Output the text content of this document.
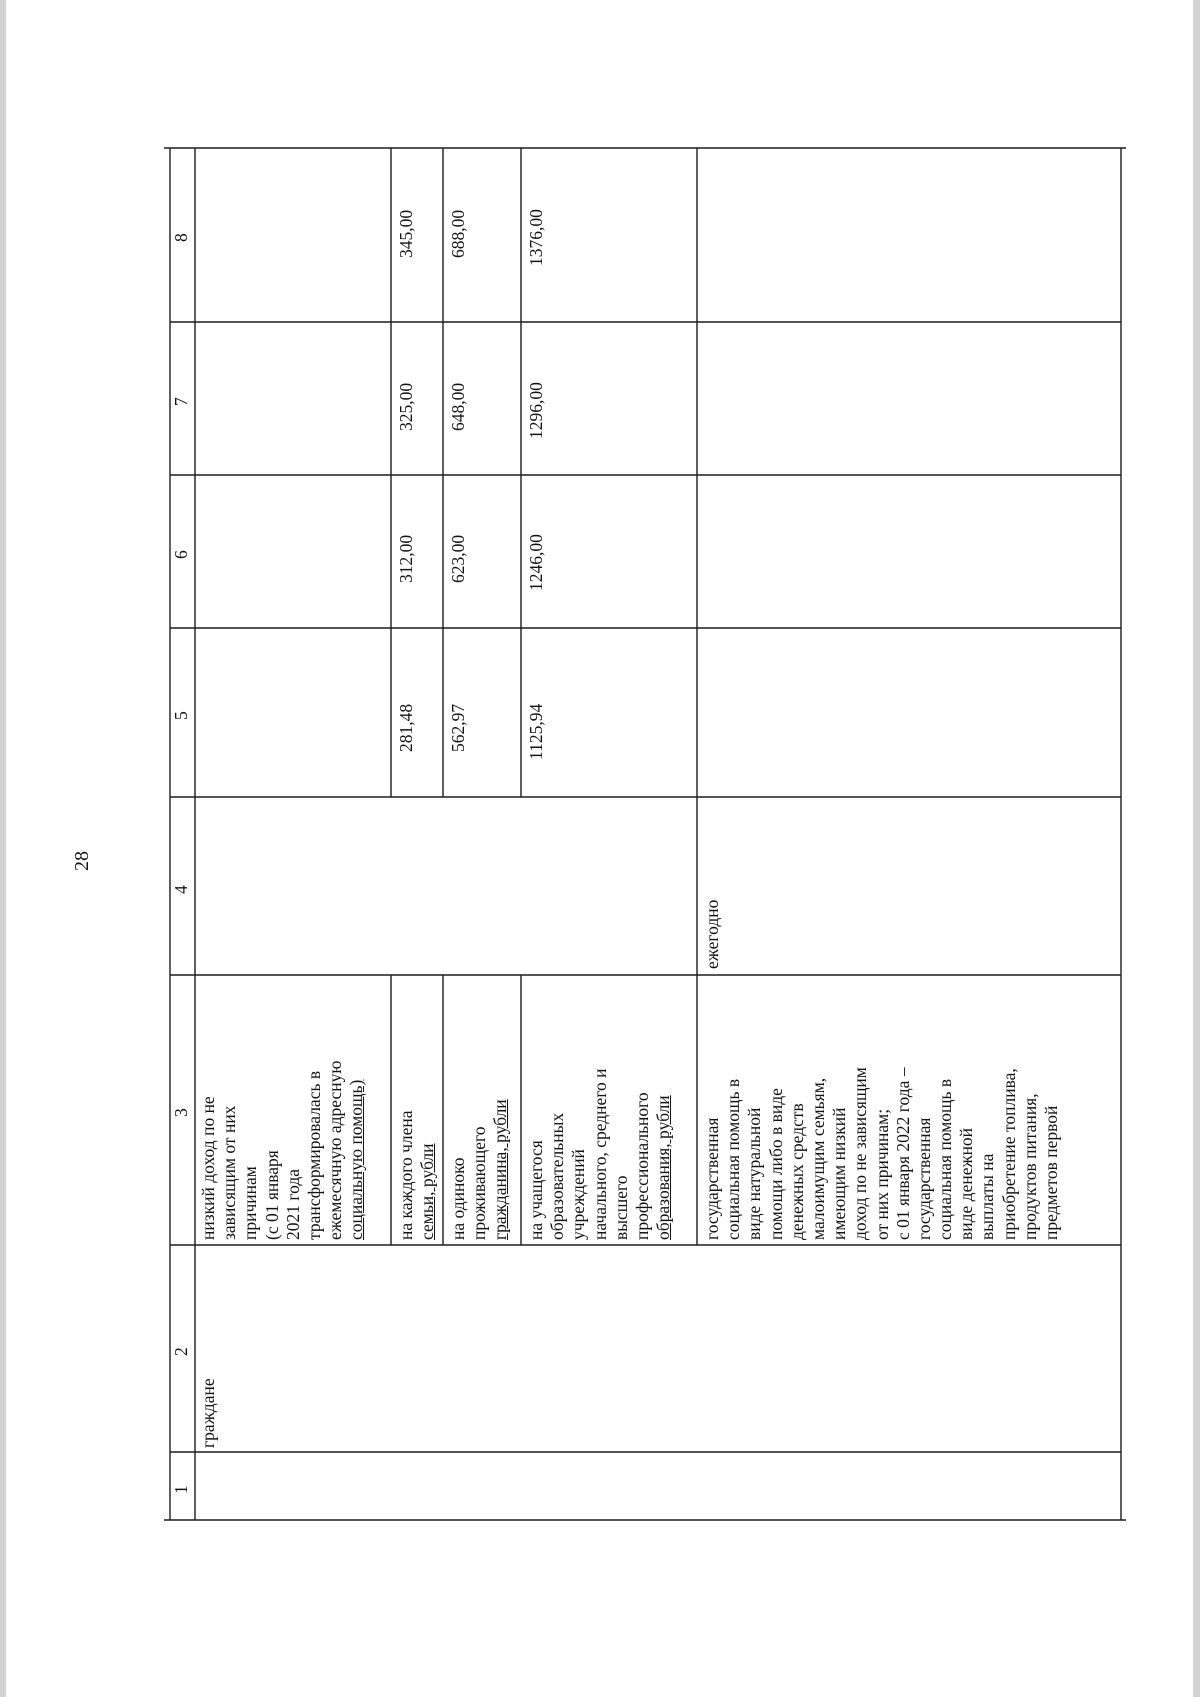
28
1
2
3
4
5
6
7
8
граждане
низкий доход по не зависящим от них причинам (с 01 января 2021 года трансформировалась в ежемесячную адресную социальную помощь) на каждого члена семьи, рубли на одиноко проживающего гражданина, рубли на учащегося образовательных учреждений начального, среднего и высшего профессионального образования, рубли государственная социальная помощь в виде натуральной помощи либо в виде денежных средств малоимущим семьям, имеющим низкий доход по не зависящим от них причинам; с 01 января 2022 года – государственная социальная помощь в виде денежной выплаты на приобретение топлива, продуктов питания, предметов первой
ежегодно
281,48
312,00
325,00
345,00
562,97
623,00
648,00
688,00
1125,94
1246,00
1296,00
1376,00
